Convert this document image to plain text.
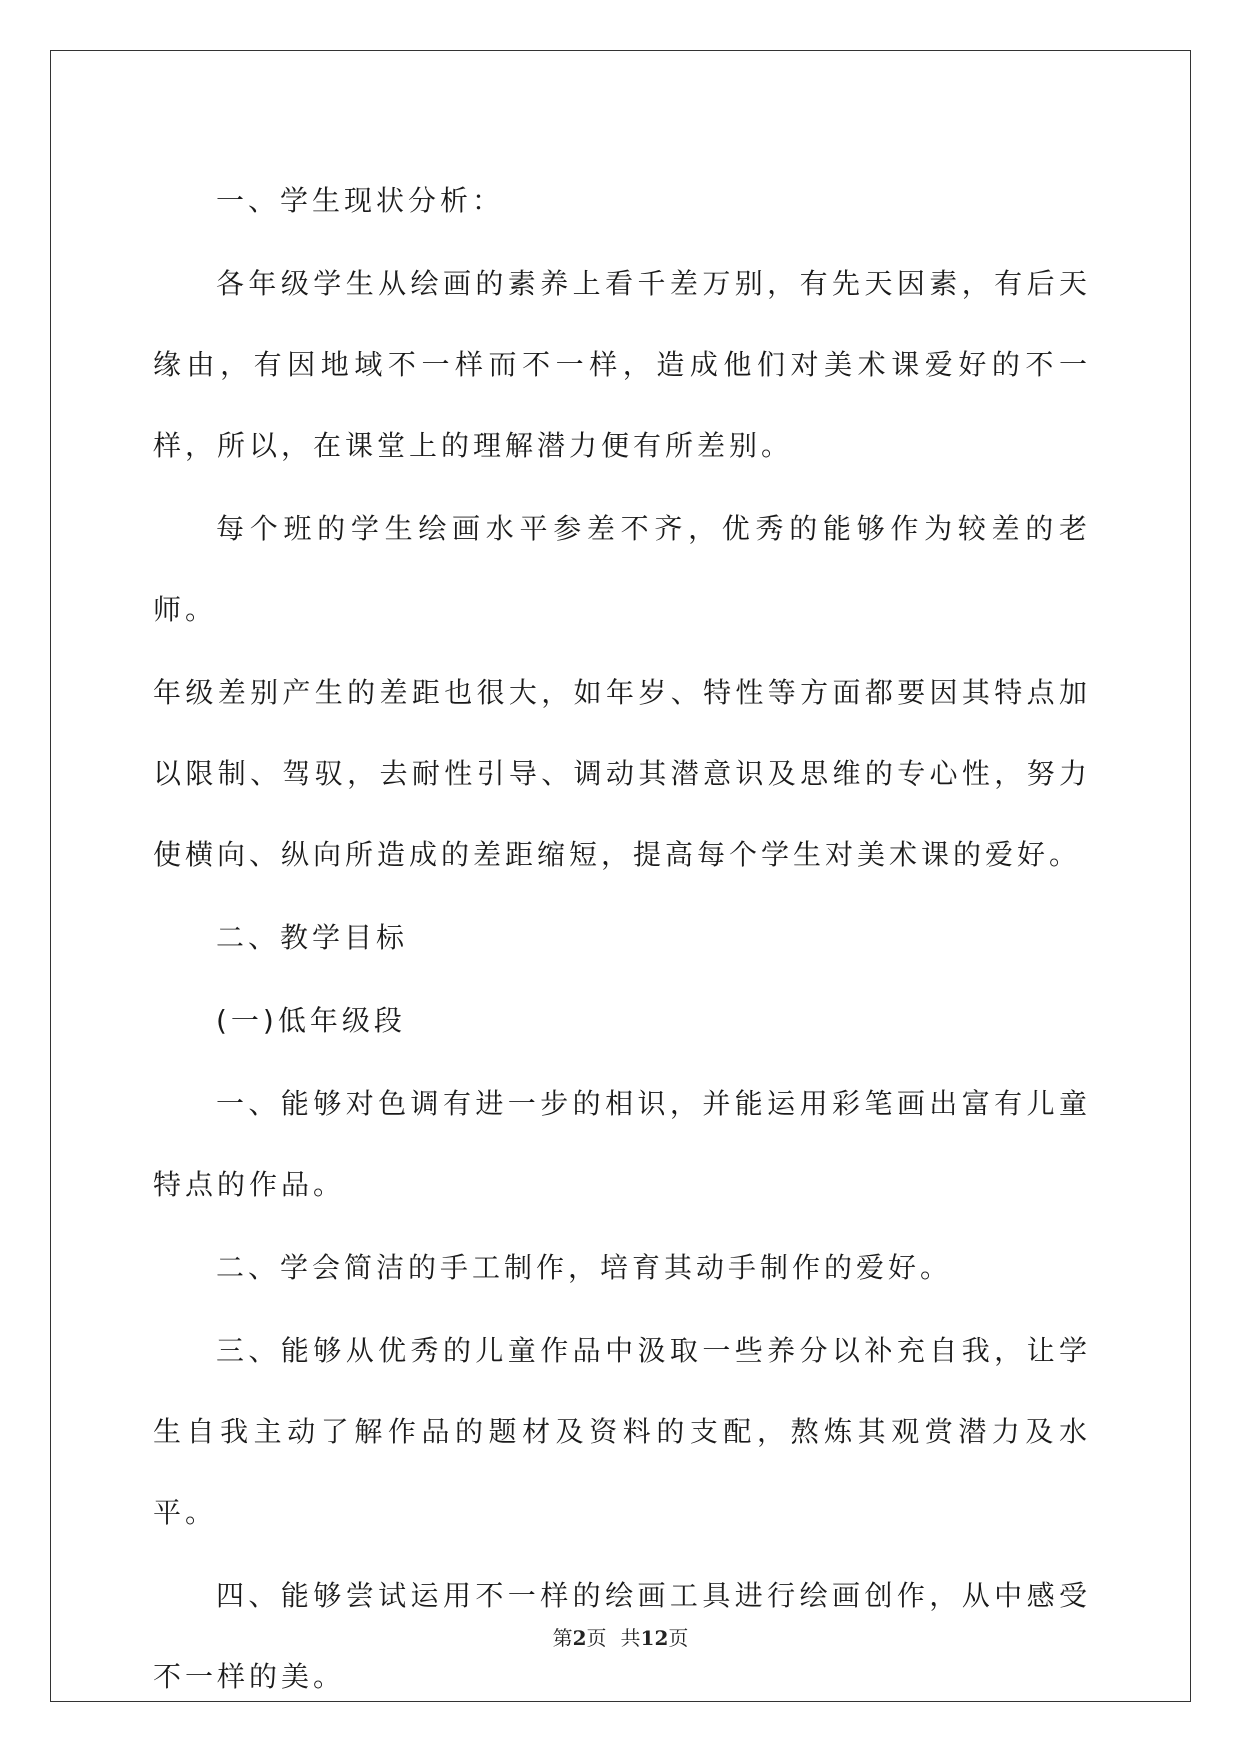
一、学生现状分析：

各年级学生从绘画的素养上看千差万别，有先天因素，有后天缘由，有因地域不一样而不一样，造成他们对美术课爱好的不一样，所以，在课堂上的理解潜力便有所差别。

每个班的学生绘画水平参差不齐，优秀的能够作为较差的老师。

年级差别产生的差距也很大，如年岁、特性等方面都要因其特点加以限制、驾驭，去耐性引导、调动其潜意识及思维的专心性，努力使横向、纵向所造成的差距缩短，提高每个学生对美术课的爱好。

二、教学目标

(一)低年级段

一、能够对色调有进一步的相识，并能运用彩笔画出富有儿童特点的作品。

二、学会简洁的手工制作，培育其动手制作的爱好。

三、能够从优秀的儿童作品中汲取一些养分以补充自我，让学生自我主动了解作品的题材及资料的支配，熬炼其观赏潜力及水平。

四、能够尝试运用不一样的绘画工具进行绘画创作，从中感受不一样的美。

第2页 共12页
